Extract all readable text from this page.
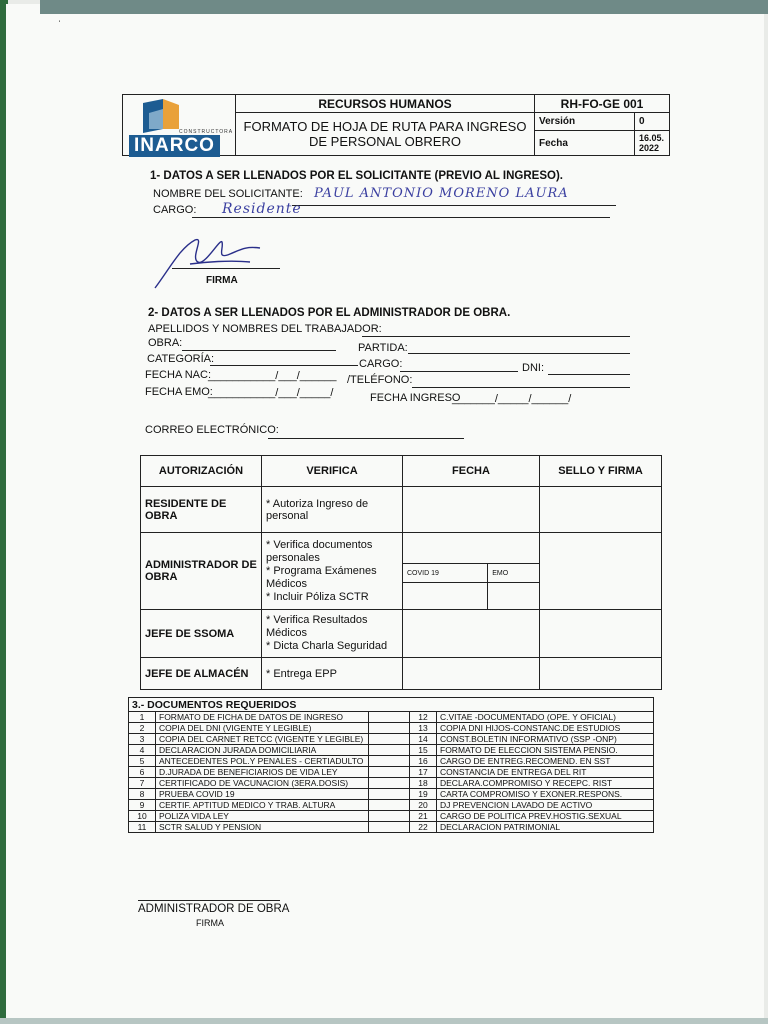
CONSTRUCTORA
INARCO	RECURSOS HUMANOS	RH-FO-GE 001	
	FORMATO DE HOJA DE RUTA PARA INGRESO DE PERSONAL OBRERO	Versión	0
		Fecha	16.05. 2022
1- DATOS A SER LLENADOS POR EL SOLICITANTE (PREVIO AL INGRESO).
NOMBRE DEL SOLICITANTE: PAUL ANTONIO MORENO LAURA
CARGO: Residente
FIRMA
2- DATOS A SER LLENADOS POR EL ADMINISTRADOR DE OBRA.
APELLIDOS Y NOMBRES DEL TRABAJADOR:
OBRA:	PARTIDA:
CATEGORÍA:	CARGO:	DNI:
FECHA NAC:
___________/___/______ /TELÉFONO:
FECHA EMO:
___________/___/_____/	FECHA INGRESO
_______/_____/______/
CORREO ELECTRÓNICO:
AUTORIZACIÓN	VERIFICA	FECHA	SELLO Y FIRMA
RESIDENTE DE OBRA	* Autoriza Ingreso de personal		
ADMINISTRADOR DE OBRA	* Verifica documentos personales
* Programa Exámenes Médicos
* Incluir Póliza SCTR	

COVID 19	EMO

JEFE DE SSOMA	* Verifica Resultados Médicos
* Dicta Charla Seguridad		
JEFE DE ALMACÉN	* Entrega EPP		
3.- DOCUMENTOS REQUERIDOS				
1	FORMATO DE FICHA DE DATOS DE INGRESO		12	C.VITAE -DOCUMENTADO (OPE. Y OFICIAL)
2	COPIA DEL DNI (VIGENTE Y LEGIBLE)		13	COPIA DNI HIJOS-CONSTANC.DE ESTUDIOS
3	COPIA DEL CARNET RETCC (VIGENTE Y LEGIBLE)		14	CONST.BOLETIN INFORMATIVO (SSP -ONP)
4	DECLARACION JURADA DOMICILIARIA		15	FORMATO DE ELECCION SISTEMA PENSIO.
5	ANTECEDENTES POL.Y PENALES - CERTIADULTO		16	CARGO DE ENTREG.RECOMEND. EN SST
6	D.JURADA DE BENEFICIARIOS DE VIDA LEY		17	CONSTANCIA DE ENTREGA DEL RIT
7	CERTIFICADO DE VACUNACION (3ERA.DOSIS)		18	DECLARA.COMPROMISO Y RECEPC. RIST
8	PRUEBA COVID 19		19	CARTA COMPROMISO Y EXONER.RESPONS.
9	CERTIF. APTITUD MEDICO Y TRAB. ALTURA		20	DJ PREVENCION LAVADO DE ACTIVO
10	POLIZA VIDA LEY		21	CARGO DE POLITICA PREV.HOSTIG.SEXUAL
11	SCTR SALUD Y PENSION		22	DECLARACION PATRIMONIAL
ADMINISTRADOR DE OBRA
FIRMA
ˈ
